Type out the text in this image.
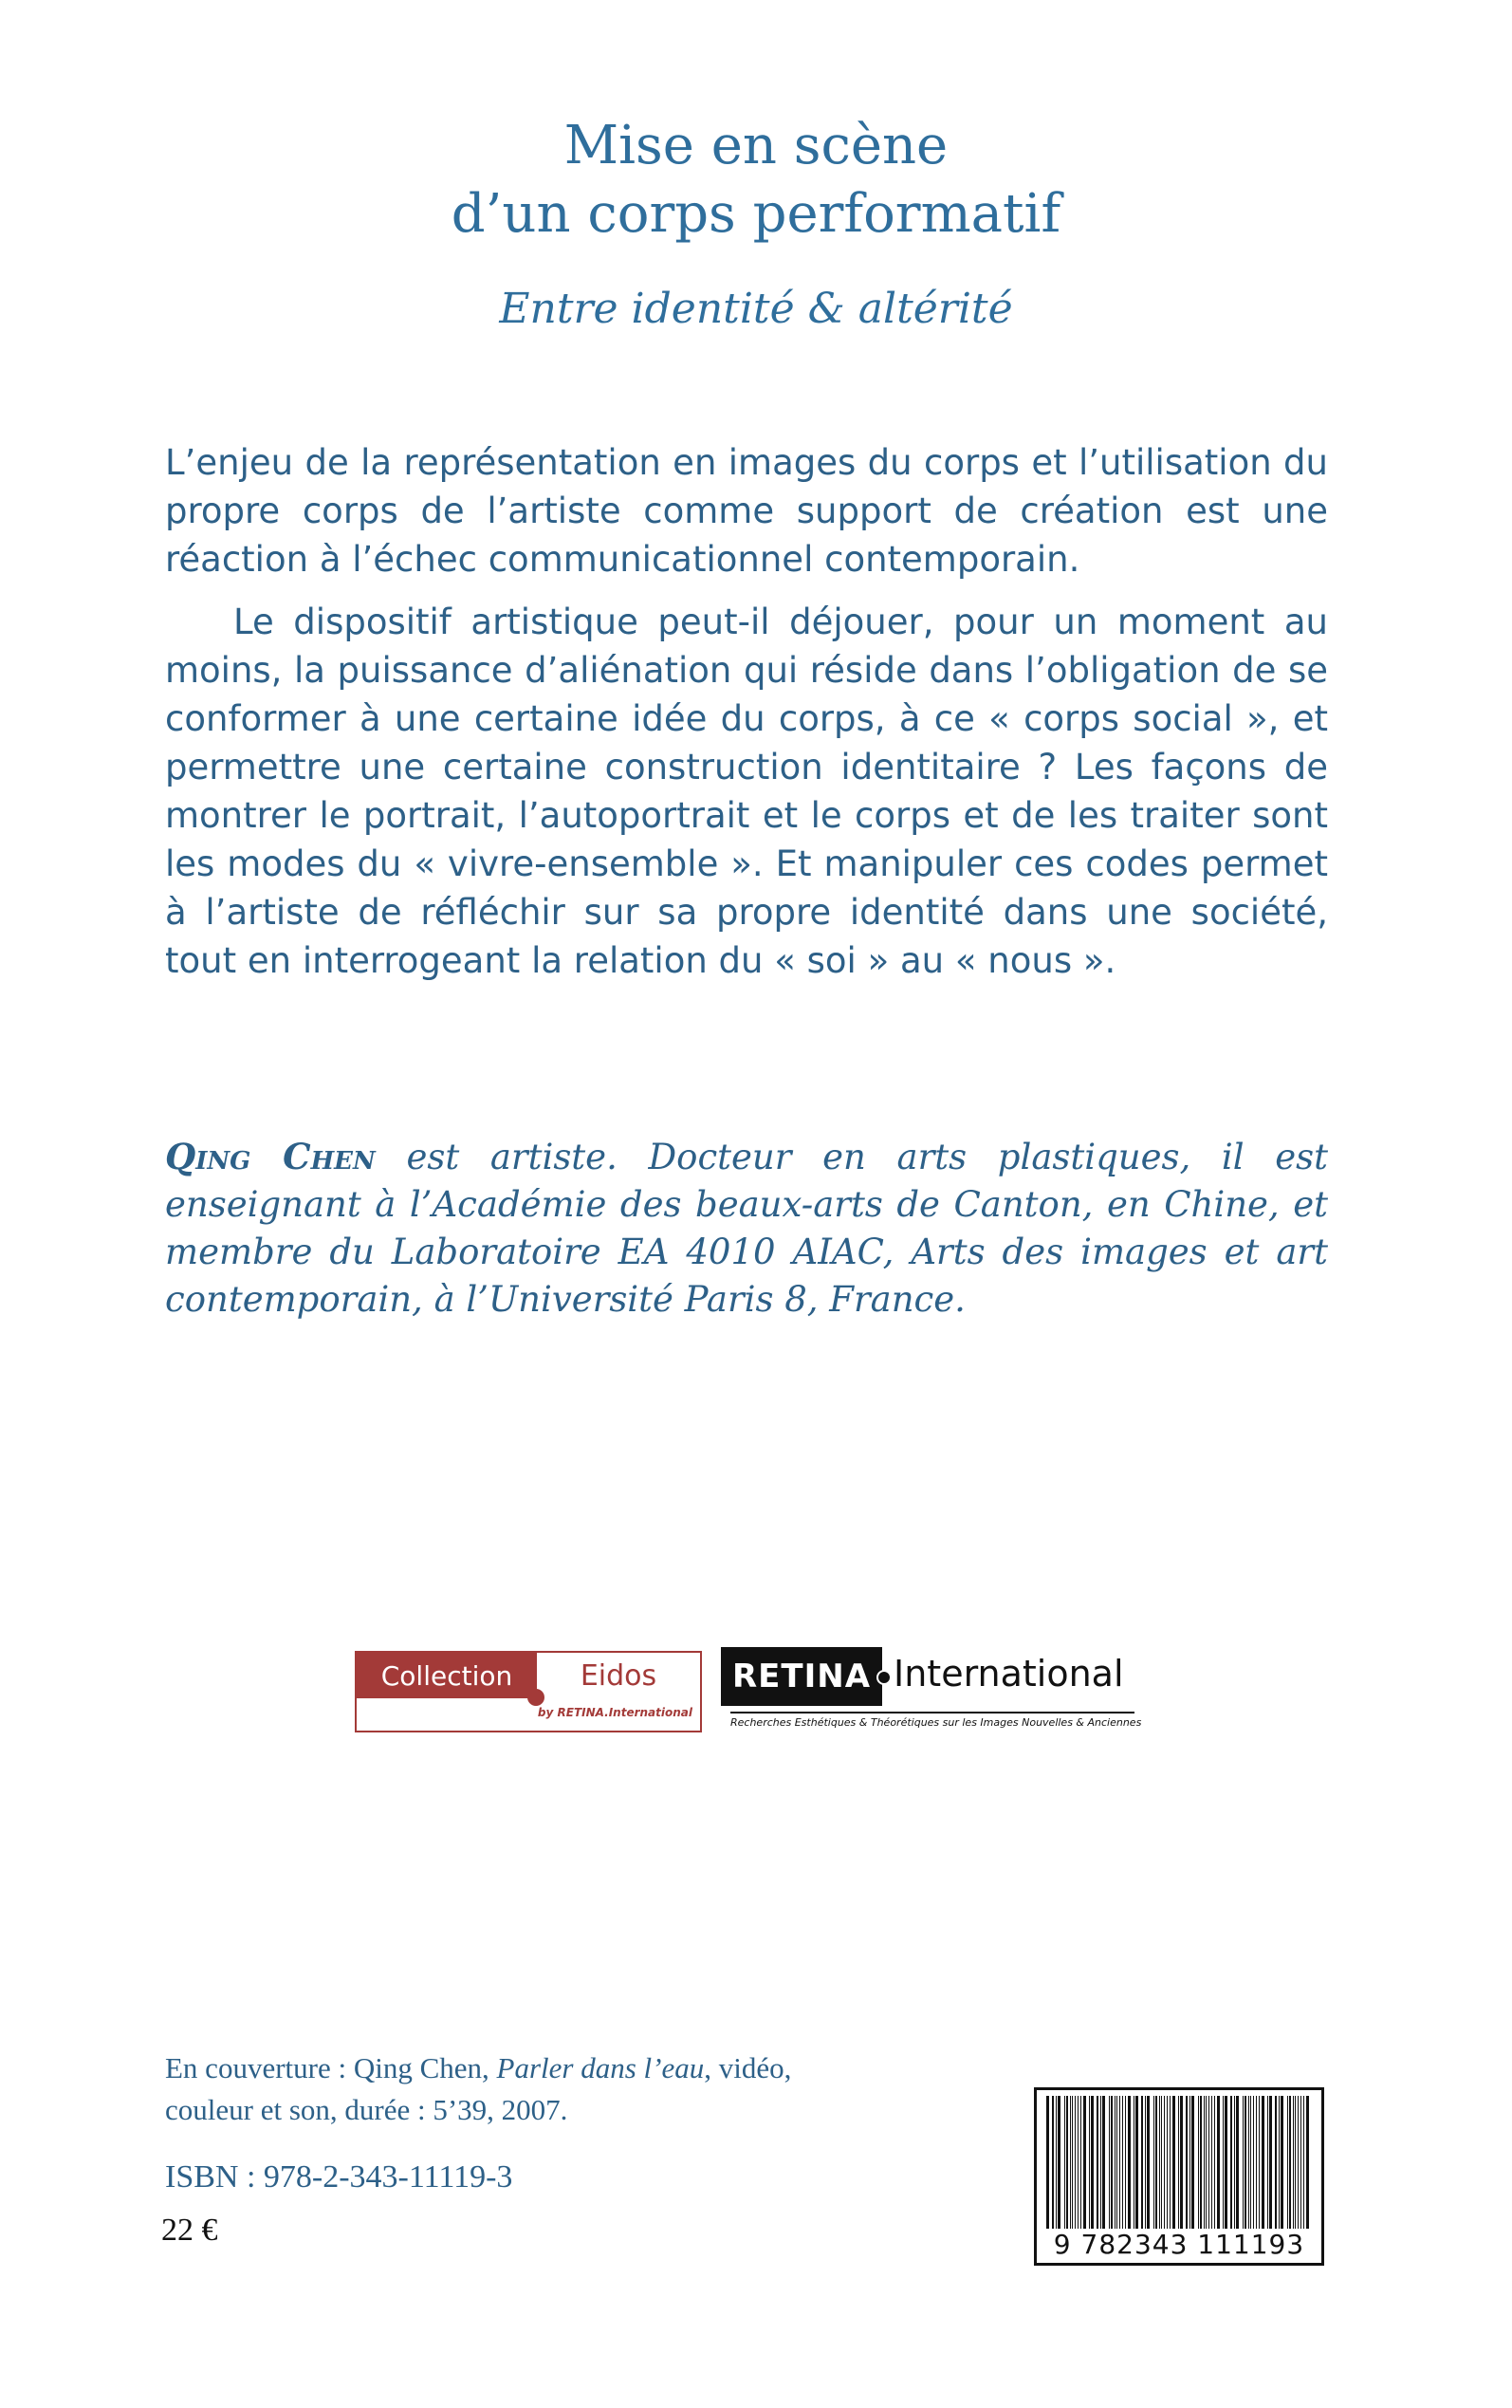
Mise en scène
d’un corps performatif
Entre identité & altérité
L’enjeu de la représentation en images du corps et l’utilisation du propre corps de l’artiste comme support de création est une réaction à l’échec communicationnel contemporain.
Le dispositif artistique peut-il déjouer, pour un moment au moins, la puissance d’aliénation qui réside dans l’obligation de se conformer à une certaine idée du corps, à ce « corps social », et permettre une certaine construction identitaire ? Les façons de montrer le portrait, l’autoportrait et le corps et de les traiter sont les modes du « vivre-ensemble ». Et manipuler ces codes permet à l’artiste de réfléchir sur sa propre identité dans une société, tout en interrogeant la relation du « soi » au « nous ».
Qing Chen est artiste. Docteur en arts plastiques, il est enseignant à l’Académie des beaux-arts de Canton, en Chine, et membre du Laboratoire EA 4010 AIAC, Arts des images et art contemporain, à l’Université Paris 8, France.
Collection	Eidos
by RETINA.International
RETINA International
Recherches Esthétiques & Théorétiques sur les Images Nouvelles & Anciennes
En couverture : Qing Chen, Parler dans l’eau, vidéo, couleur et son, durée : 5’39, 2007.
ISBN : 978-2-343-11119-3
22 €	9 782343 111193
